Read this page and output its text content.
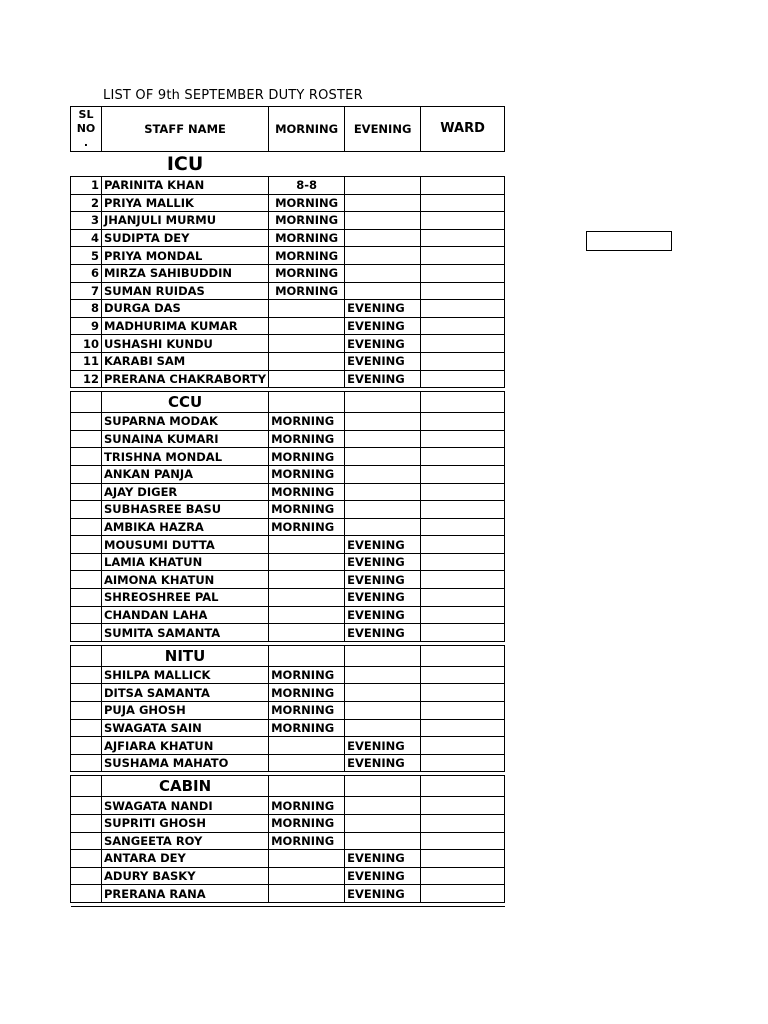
LIST OF 9th SEPTEMBER DUTY ROSTER
SL
NO
.	STAFF NAME	MORNING	EVENING	WARD
	ICU			
1	PARINITA KHAN	8-8		
2	PRIYA MALLIK	MORNING		
3	JHANJULI MURMU	MORNING		
4	SUDIPTA DEY	MORNING		
5	PRIYA MONDAL	MORNING		
6	MIRZA SAHIBUDDIN	MORNING		
7	SUMAN RUIDAS	MORNING		
8	DURGA DAS		EVENING	
9	MADHURIMA KUMAR		EVENING	
10	USHASHI KUNDU		EVENING	
11	KARABI SAM		EVENING	
12	PRERANA CHAKRABORTY		EVENING	

	CCU			
	SUPARNA MODAK	MORNING		
	SUNAINA KUMARI	MORNING		
	TRISHNA MONDAL	MORNING		
	ANKAN PANJA	MORNING		
	AJAY DIGER	MORNING		
	SUBHASREE BASU	MORNING		
	AMBIKA HAZRA	MORNING		
	MOUSUMI DUTTA		EVENING	
	LAMIA KHATUN		EVENING	
	AIMONA KHATUN		EVENING	
	SHREOSHREE PAL		EVENING	
	CHANDAN LAHA		EVENING	
	SUMITA SAMANTA		EVENING	

	NITU			
	SHILPA MALLICK	MORNING		
	DITSA SAMANTA	MORNING		
	PUJA GHOSH	MORNING		
	SWAGATA SAIN	MORNING		
	AJFIARA KHATUN		EVENING	
	SUSHAMA MAHATO		EVENING	

	CABIN			
	SWAGATA NANDI	MORNING		
	SUPRITI GHOSH	MORNING		
	SANGEETA ROY	MORNING		
	ANTARA DEY		EVENING	
	ADURY BASKY		EVENING	
	PRERANA RANA		EVENING	
